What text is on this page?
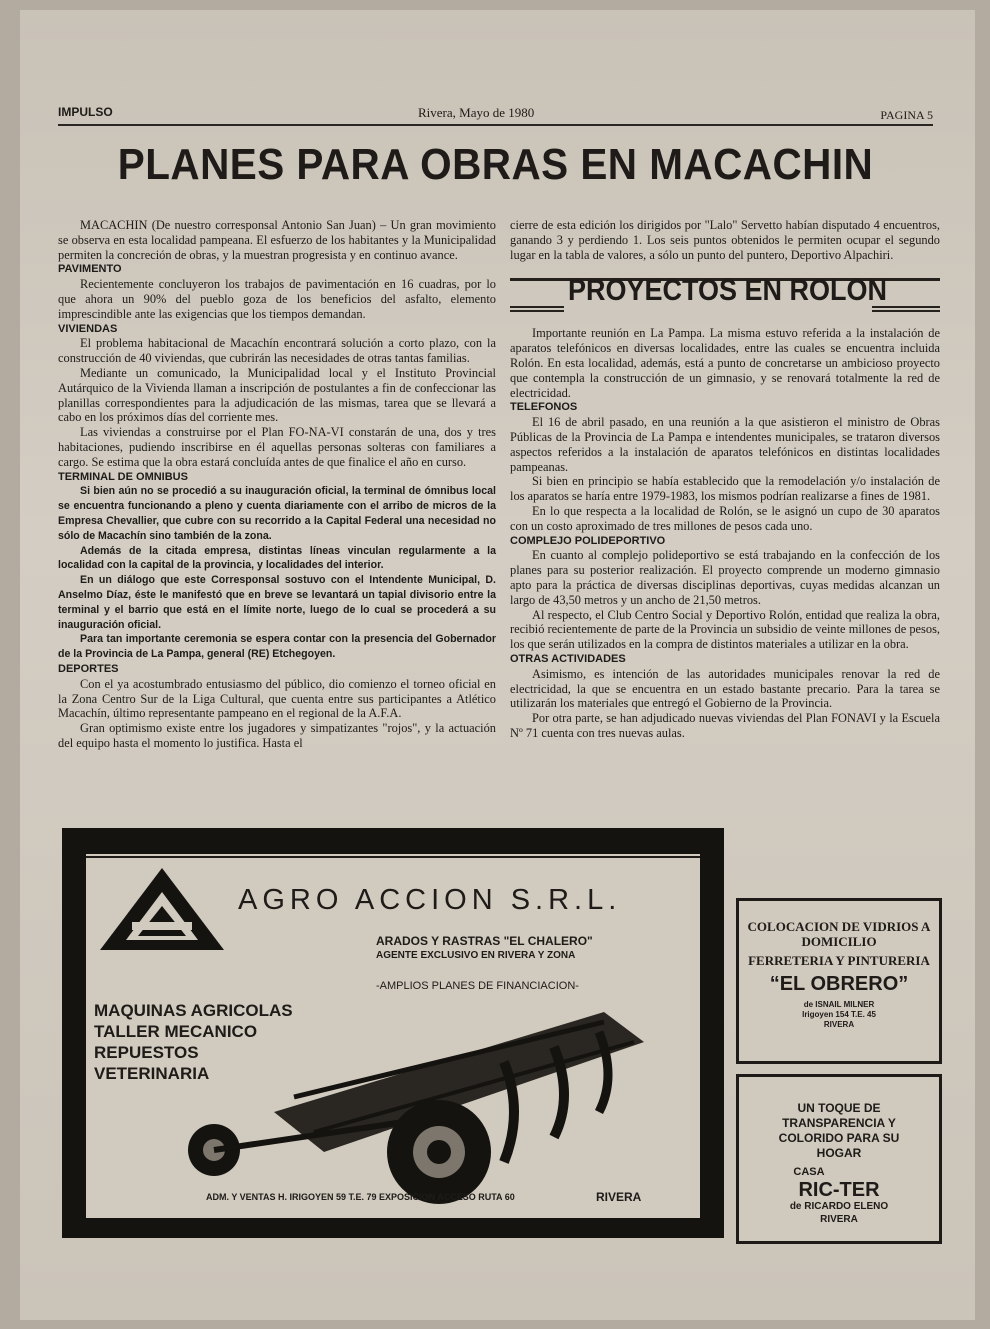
IMPULSO	Rivera, Mayo de 1980	PAGINA 5
PLANES PARA OBRAS EN MACACHIN

MACACHIN (De nuestro corresponsal Antonio San Juan) – Un gran movimiento se observa en esta localidad pampeana. El esfuerzo de los habitantes y la Municipalidad permiten la concreción de obras, y la muestran progresista y en continuo avance.

PAVIMENTO

Recientemente concluyeron los trabajos de pavimentación en 16 cuadras, por lo que ahora un 90% del pueblo goza de los beneficios del asfalto, elemento imprescindible ante las exigencias que los tiempos demandan.

VIVIENDAS

El problema habitacional de Macachín encontrará solución a corto plazo, con la construcción de 40 viviendas, que cubrirán las necesidades de otras tantas familias.

Mediante un comunicado, la Municipalidad local y el Instituto Provincial Autárquico de la Vivienda llaman a inscripción de postulantes a fin de confeccionar las planillas correspondientes para la adjudicación de las mismas, tarea que se llevará a cabo en los próximos días del corriente mes.

Las viviendas a construirse por el Plan FO-NA-VI constarán de una, dos y tres habitaciones, pudiendo inscribirse en él aquellas personas solteras con familiares a cargo. Se estima que la obra estará concluída antes de que finalice el año en curso.

TERMINAL DE OMNIBUS

Si bien aún no se procedió a su inauguración oficial, la terminal de ómnibus local se encuentra funcionando a pleno y cuenta diariamente con el arribo de micros de la Empresa Chevallier, que cubre con su recorrido a la Capital Federal una necesidad no sólo de Macachín sino también de la zona.

Además de la citada empresa, distintas líneas vinculan regularmente a la localidad con la capital de la provincia, y localidades del interior.

En un diálogo que este Corresponsal sostuvo con el Intendente Municipal, D. Anselmo Díaz, éste le manifestó que en breve se levantará un tapial divisorio entre la terminal y el barrio que está en el límite norte, luego de lo cual se procederá a su inauguración oficial.

Para tan importante ceremonia se espera contar con la presencia del Gobernador de la Provincia de La Pampa, general (RE) Etchegoyen.

DEPORTES

Con el ya acostumbrado entusiasmo del público, dio comienzo el torneo oficial en la Zona Centro Sur de la Liga Cultural, que cuenta entre sus participantes a Atlético Macachín, último representante pampeano en el regional de la A.F.A.

Gran optimismo existe entre los jugadores y simpatizantes "rojos", y la actuación del equipo hasta el momento lo justifica. Hasta el

cierre de esta edición los dirigidos por "Lalo" Servetto habían disputado 4 encuentros, ganando 3 y perdiendo 1. Los seis puntos obtenidos le permiten ocupar el segundo lugar en la tabla de valores, a sólo un punto del puntero, Deportivo Alpachiri.

PROYECTOS EN ROLON

Importante reunión en La Pampa. La misma estuvo referida a la instalación de aparatos telefónicos en diversas localidades, entre las cuales se encuentra incluida Rolón. En esta localidad, además, está a punto de concretarse un ambicioso proyecto que contempla la construcción de un gimnasio, y se renovará totalmente la red de electricidad.

TELEFONOS

El 16 de abril pasado, en una reunión a la que asistieron el ministro de Obras Públicas de la Provincia de La Pampa e intendentes municipales, se trataron diversos aspectos referidos a la instalación de aparatos telefónicos en distintas localidades pampeanas.

Si bien en principio se había establecido que la remodelación y/o instalación de los aparatos se haría entre 1979-1983, los mismos podrían realizarse a fines de 1981.

En lo que respecta a la localidad de Rolón, se le asignó un cupo de 30 aparatos con un costo aproximado de tres millones de pesos cada uno.

COMPLEJO POLIDEPORTIVO

En cuanto al complejo polideportivo se está trabajando en la confección de los planes para su posterior realización. El proyecto comprende un moderno gimnasio apto para la práctica de diversas disciplinas deportivas, cuyas medidas alcanzan un largo de 43,50 metros y un ancho de 21,50 metros.

Al respecto, el Club Centro Social y Deportivo Rolón, entidad que realiza la obra, recibió recientemente de parte de la Provincia un subsidio de veinte millones de pesos, los que serán utilizados en la compra de distintos materiales a utilizar en la obra.

OTRAS ACTIVIDADES

Asimismo, es intención de las autoridades municipales renovar la red de electricidad, la que se encuentra en un estado bastante precario. Para la tarea se utilizarán los materiales que entregó el Gobierno de la Provincia.

Por otra parte, se han adjudicado nuevas viviendas del Plan FONAVI y la Escuela Nº 71 cuenta con tres nuevas aulas.

AGRO ACCION S.R.L.
ARADOS Y RASTRAS "EL CHALERO"
AGENTE EXCLUSIVO EN RIVERA Y ZONA
-AMPLIOS PLANES DE FINANCIACION-
MAQUINAS AGRICOLAS
TALLER MECANICO
REPUESTOS
VETERINARIA
ADM. Y VENTAS H. IRIGOYEN 59 T.E. 79 EXPOSICION ACCESO RUTA 60	RIVERA
COLOCACION DE VIDRIOS A DOMICILIO
FERRETERIA Y PINTURERIA
“EL OBRERO”
de ISNAIL MILNER
Irigoyen 154 T.E. 45
RIVERA
UN TOQUE DE TRANSPARENCIA Y COLORIDO PARA SU HOGAR
CASA
RIC-TER
de RICARDO ELENO
RIVERA
